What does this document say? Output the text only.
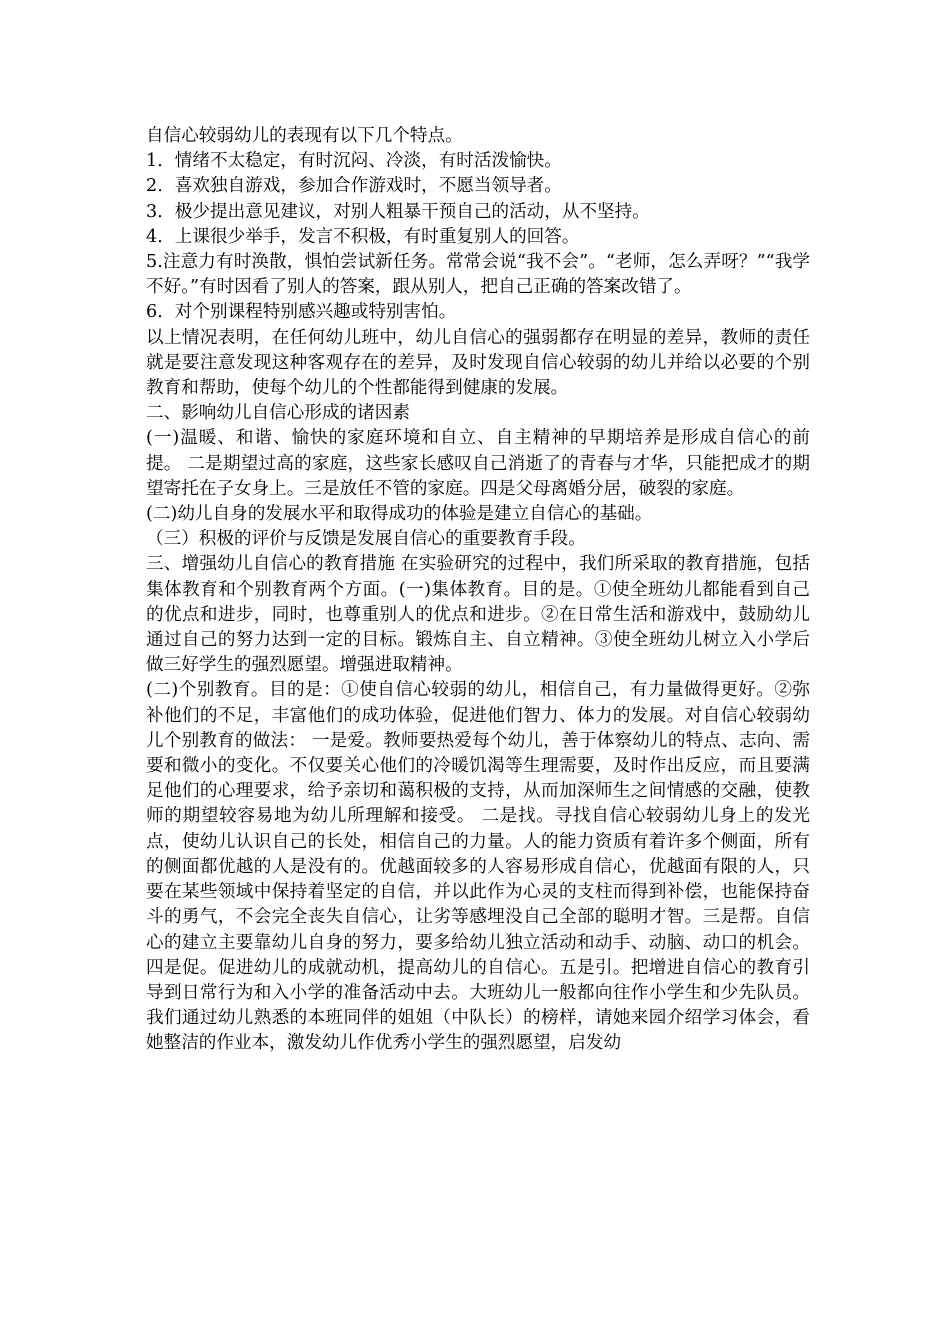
自信心较弱幼儿的表现有以下几个特点。

1．情绪不太稳定，有时沉闷、冷淡，有时活泼愉快。

2．喜欢独自游戏，参加合作游戏时，不愿当领导者。

3．极少提出意见建议，对别人粗暴干预自己的活动，从不坚持。

4．上课很少举手，发言不积极，有时重复别人的回答。

5.注意力有时涣散，惧怕尝试新任务。常常会说“我不会”。“老师，怎么弄呀？”“我学不好。”有时因看了别人的答案，跟从别人，把自己正确的答案改错了。

6．对个别课程特别感兴趣或特别害怕。

以上情况表明，在任何幼儿班中，幼儿自信心的强弱都存在明显的差异，教师的责任就是要注意发现这种客观存在的差异，及时发现自信心较弱的幼儿并给以必要的个别教育和帮助，使每个幼儿的个性都能得到健康的发展。

二、影响幼儿自信心形成的诸因素

(一)温暖、和谐、愉快的家庭环境和自立、自主精神的早期培养是形成自信心的前提。 二是期望过高的家庭，这些家长感叹自己消逝了的青春与才华，只能把成才的期望寄托在子女身上。三是放任不管的家庭。四是父母离婚分居，破裂的家庭。

(二)幼儿自身的发展水平和取得成功的体验是建立自信心的基础。

（三）积极的评价与反馈是发展自信心的重要教育手段。

三、增强幼儿自信心的教育措施 在实验研究的过程中，我们所采取的教育措施，包括集体教育和个别教育两个方面。(一)集体教育。目的是。①使全班幼儿都能看到自己的优点和进步，同时，也尊重别人的优点和进步。②在日常生活和游戏中，鼓励幼儿通过自己的努力达到一定的目标。锻炼自主、自立精神。③使全班幼儿树立入小学后做三好学生的强烈愿望。增强进取精神。

(二)个别教育。目的是：①使自信心较弱的幼儿，相信自己，有力量做得更好。②弥补他们的不足，丰富他们的成功体验，促进他们智力、体力的发展。对自信心较弱幼儿个别教育的做法： 一是爱。教师要热爱每个幼儿，善于体察幼儿的特点、志向、需要和微小的变化。不仅要关心他们的冷暖饥渴等生理需要，及时作出反应，而且要满足他们的心理要求，给予亲切和蔼积极的支持，从而加深师生之间情感的交融，使教师的期望较容易地为幼儿所理解和接受。 二是找。寻找自信心较弱幼儿身上的发光点，使幼儿认识自己的长处，相信自己的力量。人的能力资质有着许多个侧面，所有的侧面都优越的人是没有的。优越面较多的人容易形成自信心，优越面有限的人，只要在某些领域中保持着坚定的自信，并以此作为心灵的支柱而得到补偿，也能保持奋斗的勇气，不会完全丧失自信心，让劣等感埋没自己全部的聪明才智。三是帮。自信心的建立主要靠幼儿自身的努力，要多给幼儿独立活动和动手、动脑、动口的机会。四是促。促进幼儿的成就动机，提高幼儿的自信心。五是引。把增进自信心的教育引导到日常行为和入小学的准备活动中去。大班幼儿一般都向往作小学生和少先队员。我们通过幼儿熟悉的本班同伴的姐姐（中队长）的榜样，请她来园介绍学习体会，看她整洁的作业本，激发幼儿作优秀小学生的强烈愿望，启发幼
